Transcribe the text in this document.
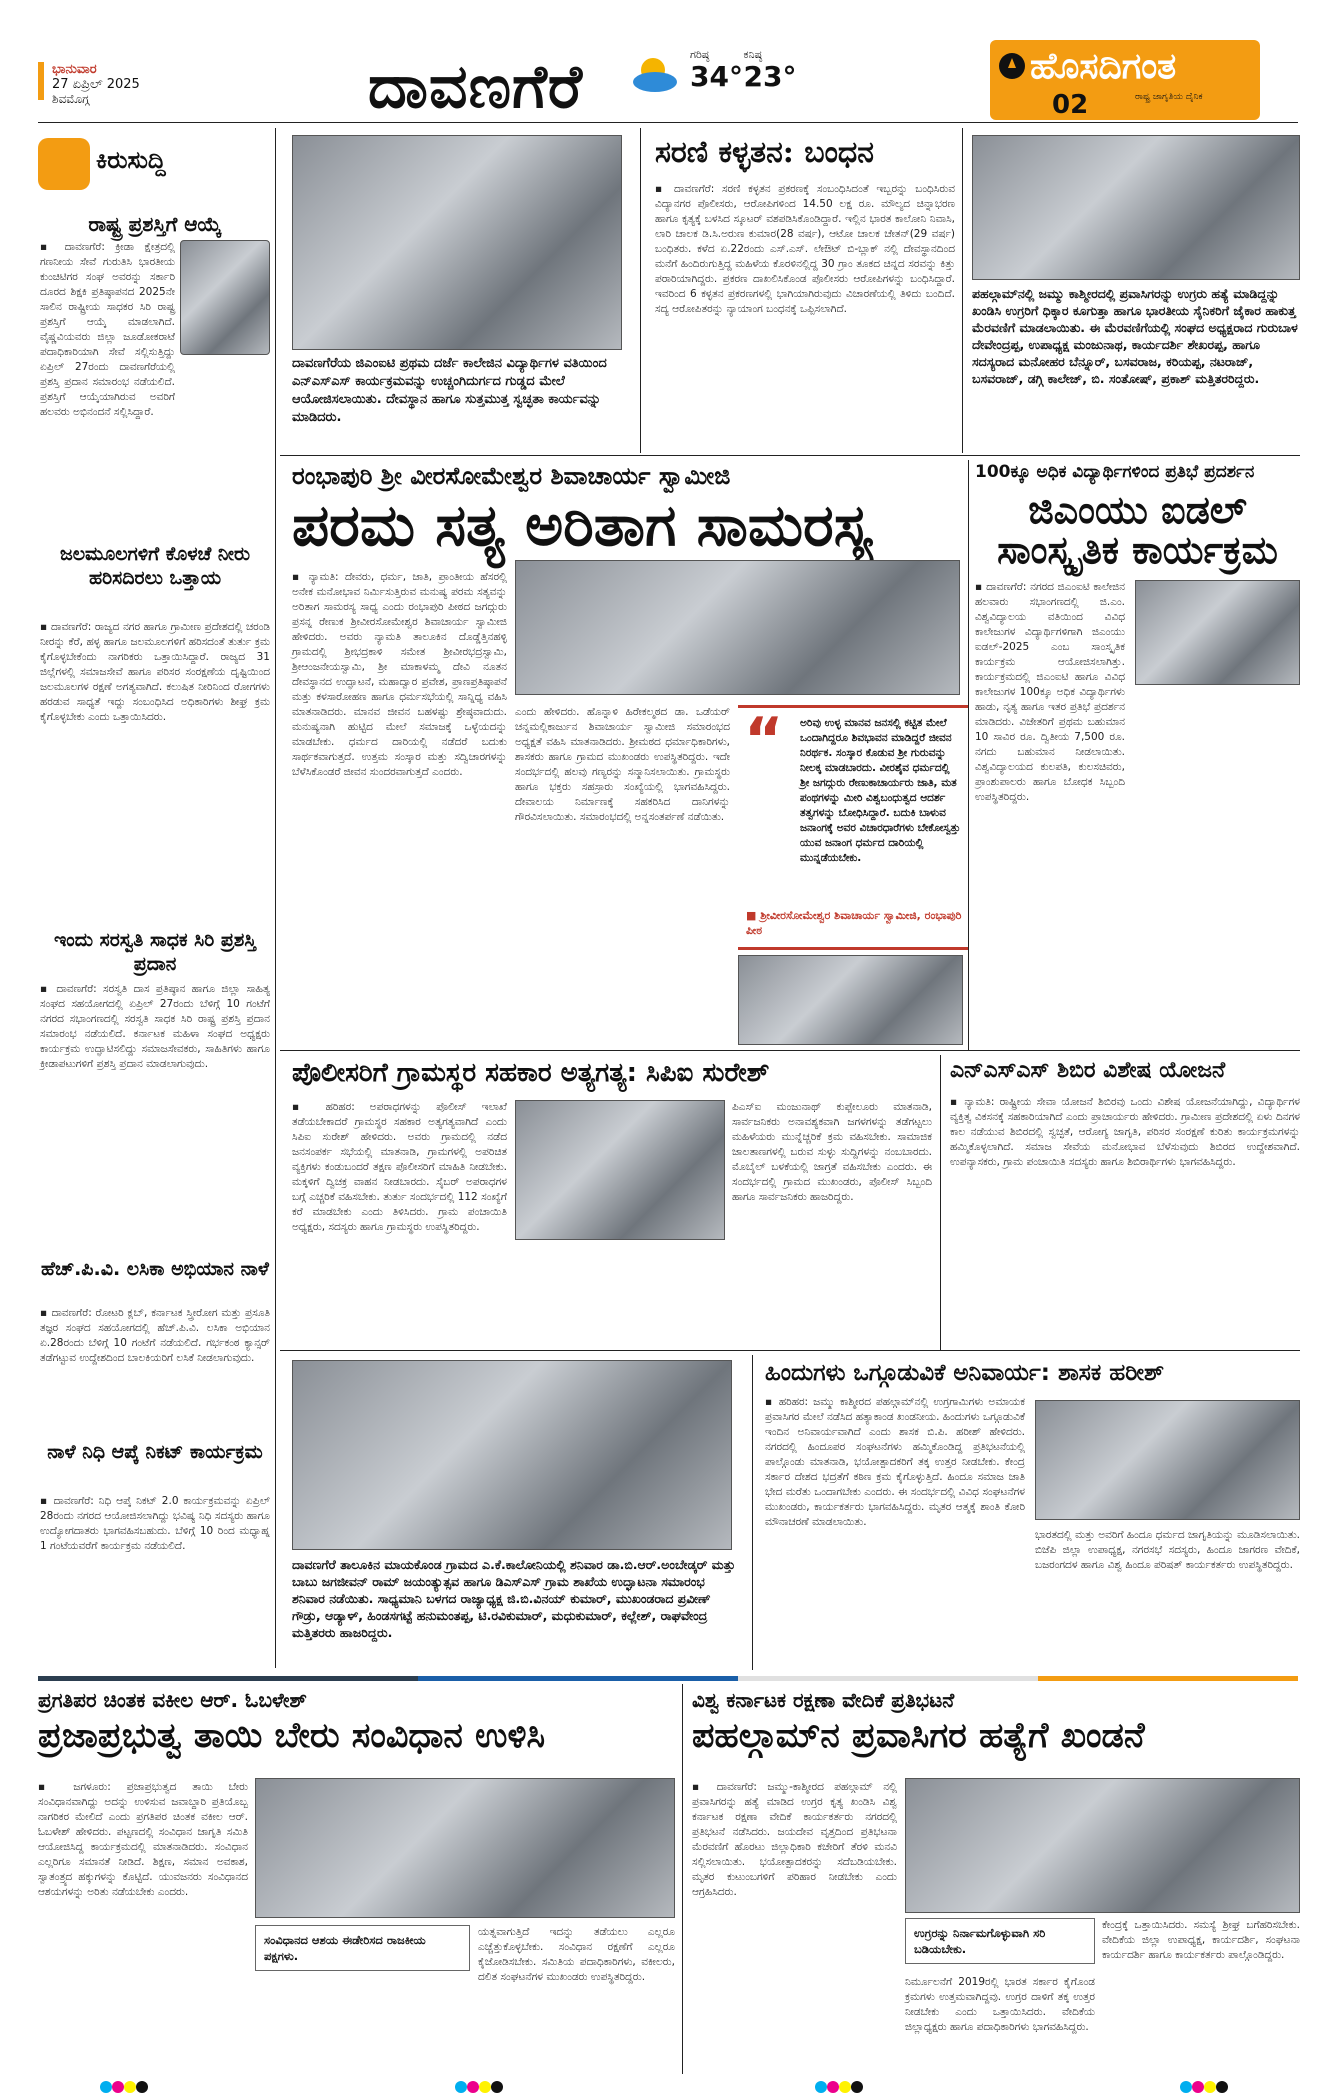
ಭಾನುವಾರ
27 ಏಪ್ರಿಲ್ 2025
ಶಿವಮೊಗ್ಗ	ದಾವಣಗೆರೆ	ಗರಿಷ್ಠ
34°
ಕನಿಷ್ಠ
23°	ಹೊಸದಿಗಂತ
02	ರಾಷ್ಟ್ರ ಜಾಗೃತಿಯ ದೈನಿಕ
ಕಿರುಸುದ್ದಿ
ರಾಷ್ಟ್ರ ಪ್ರಶಸ್ತಿಗೆ ಆಯ್ಕೆ
▪ ದಾವಣಗೆರೆ: ಕ್ರೀಡಾ ಕ್ಷೇತ್ರದಲ್ಲಿ ಗಣನೀಯ ಸೇವೆ ಗುರುತಿಸಿ ಭಾರತೀಯ ಕುಂಚಿಟಿಗರ ಸಂಘ ಅವರನ್ನು ಸರ್ಕಾರಿ ದೂರದ ಶಿಕ್ಷಕಿ ಪ್ರತಿಷ್ಠಾಪನದ 2025ನೇ ಸಾಲಿನ ರಾಷ್ಟ್ರೀಯ ಸಾಧಕರ ಸಿರಿ ರಾಷ್ಟ್ರ ಪ್ರಶಸ್ತಿಗೆ ಆಯ್ಕೆ ಮಾಡಲಾಗಿದೆ. ವೈಷ್ಣವಿಯವರು ಜಿಲ್ಲಾ ಜೂಡೋಕರಾಟೆ ಪದಾಧಿಕಾರಿಯಾಗಿ ಸೇವೆ ಸಲ್ಲಿಸುತ್ತಿದ್ದು ಏಪ್ರಿಲ್ 27ರಂದು ದಾವಣಗೆರೆಯಲ್ಲಿ ಪ್ರಶಸ್ತಿ ಪ್ರದಾನ ಸಮಾರಂಭ ನಡೆಯಲಿದೆ. ಪ್ರಶಸ್ತಿಗೆ ಆಯ್ಕೆಯಾಗಿರುವ ಅವರಿಗೆ ಹಲವರು ಅಭಿನಂದನೆ ಸಲ್ಲಿಸಿದ್ದಾರೆ.
ಜಲಮೂಲಗಳಿಗೆ ಕೊಳಚೆ ನೀರು ಹರಿಸದಿರಲು ಒತ್ತಾಯ
▪ ದಾವಣಗೆರೆ: ರಾಜ್ಯದ ನಗರ ಹಾಗೂ ಗ್ರಾಮೀಣ ಪ್ರದೇಶದಲ್ಲಿ ಚರಂಡಿ ನೀರನ್ನು ಕೆರೆ, ಹಳ್ಳ ಹಾಗೂ ಜಲಮೂಲಗಳಿಗೆ ಹರಿಸದಂತೆ ತುರ್ತು ಕ್ರಮ ಕೈಗೊಳ್ಳಬೇಕೆಂದು ನಾಗರಿಕರು ಒತ್ತಾಯಿಸಿದ್ದಾರೆ. ರಾಜ್ಯದ 31 ಜಿಲ್ಲೆಗಳಲ್ಲಿ ಸಮಾಜಸೇವೆ ಹಾಗೂ ಪರಿಸರ ಸಂರಕ್ಷಣೆಯ ದೃಷ್ಟಿಯಿಂದ ಜಲಮೂಲಗಳ ರಕ್ಷಣೆ ಅಗತ್ಯವಾಗಿದೆ. ಕಲುಷಿತ ನೀರಿನಿಂದ ರೋಗಗಳು ಹರಡುವ ಸಾಧ್ಯತೆ ಇದ್ದು ಸಂಬಂಧಿಸಿದ ಅಧಿಕಾರಿಗಳು ಶೀಘ್ರ ಕ್ರಮ ಕೈಗೊಳ್ಳಬೇಕು ಎಂದು ಒತ್ತಾಯಿಸಿದರು.
ಇಂದು ಸರಸ್ವತಿ ಸಾಧಕ ಸಿರಿ ಪ್ರಶಸ್ತಿ ಪ್ರದಾನ
▪ ದಾವಣಗೆರೆ: ಸರಸ್ವತಿ ದಾಸ ಪ್ರತಿಷ್ಠಾನ ಹಾಗೂ ಜಿಲ್ಲಾ ಸಾಹಿತ್ಯ ಸಂಘದ ಸಹಯೋಗದಲ್ಲಿ ಏಪ್ರಿಲ್ 27ರಂದು ಬೆಳಿಗ್ಗೆ 10 ಗಂಟೆಗೆ ನಗರದ ಸಭಾಂಗಣದಲ್ಲಿ ಸರಸ್ವತಿ ಸಾಧಕ ಸಿರಿ ರಾಷ್ಟ್ರ ಪ್ರಶಸ್ತಿ ಪ್ರದಾನ ಸಮಾರಂಭ ನಡೆಯಲಿದೆ. ಕರ್ನಾಟಕ ಮಹಿಳಾ ಸಂಘದ ಅಧ್ಯಕ್ಷರು ಕಾರ್ಯಕ್ರಮ ಉದ್ಘಾಟಿಸಲಿದ್ದು ಸಮಾಜಸೇವಕರು, ಸಾಹಿತಿಗಳು ಹಾಗೂ ಕ್ರೀಡಾಪಟುಗಳಿಗೆ ಪ್ರಶಸ್ತಿ ಪ್ರದಾನ ಮಾಡಲಾಗುವುದು.
ಹೆಚ್.ಪಿ.ವಿ. ಲಸಿಕಾ ಅಭಿಯಾನ ನಾಳೆ
▪ ದಾವಣಗೆರೆ: ರೋಟರಿ ಕ್ಲಬ್, ಕರ್ನಾಟಕ ಸ್ತ್ರೀರೋಗ ಮತ್ತು ಪ್ರಸೂತಿ ತಜ್ಞರ ಸಂಘದ ಸಹಯೋಗದಲ್ಲಿ ಹೆಚ್.ಪಿ.ವಿ. ಲಸಿಕಾ ಅಭಿಯಾನ ಏ.28ರಂದು ಬೆಳಿಗ್ಗೆ 10 ಗಂಟೆಗೆ ನಡೆಯಲಿದೆ. ಗರ್ಭಕಂಠ ಕ್ಯಾನ್ಸರ್ ತಡೆಗಟ್ಟುವ ಉದ್ದೇಶದಿಂದ ಬಾಲಕಿಯರಿಗೆ ಲಸಿಕೆ ನೀಡಲಾಗುವುದು.
ನಾಳೆ ನಿಧಿ ಆಪ್ಕೆ ನಿಕಟ್ ಕಾರ್ಯಕ್ರಮ
▪ ದಾವಣಗೆರೆ: ನಿಧಿ ಆಪ್ಕೆ ನಿಕಟ್ 2.0 ಕಾರ್ಯಕ್ರಮವನ್ನು ಏಪ್ರಿಲ್ 28ರಂದು ನಗರದ ಆಯೋಜಿಸಲಾಗಿದ್ದು ಭವಿಷ್ಯ ನಿಧಿ ಸದಸ್ಯರು ಹಾಗೂ ಉದ್ಯೋಗದಾತರು ಭಾಗವಹಿಸಬಹುದು. ಬೆಳಿಗ್ಗೆ 10 ರಿಂದ ಮಧ್ಯಾಹ್ನ 1 ಗಂಟೆಯವರೆಗೆ ಕಾರ್ಯಕ್ರಮ ನಡೆಯಲಿದೆ.
ದಾವಣಗೆರೆಯ ಜಿಎಂಐಟಿ ಪ್ರಥಮ ದರ್ಜೆ ಕಾಲೇಜಿನ ವಿದ್ಯಾರ್ಥಿಗಳ ವತಿಯಿಂದ ಎನ್‌ಎಸ್‌ಎಸ್ ಕಾರ್ಯಕ್ರಮವನ್ನು ಉಚ್ಚಂಗಿದುರ್ಗದ ಗುಡ್ಡದ ಮೇಲೆ ಆಯೋಜಿಸಲಾಯಿತು. ದೇವಸ್ಥಾನ ಹಾಗೂ ಸುತ್ತಮುತ್ತ ಸ್ವಚ್ಛತಾ ಕಾರ್ಯವನ್ನು ಮಾಡಿದರು.
ಸರಣಿ ಕಳ್ಳತನ: ಬಂಧನ
▪ ದಾವಣಗೆರೆ: ಸರಣಿ ಕಳ್ಳತನ ಪ್ರಕರಣಕ್ಕೆ ಸಂಬಂಧಿಸಿದಂತೆ ಇಬ್ಬರನ್ನು ಬಂಧಿಸಿರುವ ವಿದ್ಯಾನಗರ ಪೊಲೀಸರು, ಆರೋಪಿಗಳಿಂದ 14.50 ಲಕ್ಷ ರೂ. ಮೌಲ್ಯದ ಚಿನ್ನಾಭರಣ ಹಾಗೂ ಕೃತ್ಯಕ್ಕೆ ಬಳಸಿದ ಸ್ಕೂಟರ್ ವಶಪಡಿಸಿಕೊಂಡಿದ್ದಾರೆ. ಇಲ್ಲಿನ ಭಾರತ ಕಾಲೋನಿ ನಿವಾಸಿ, ಲಾರಿ ಚಾಲಕ ಡಿ.ಸಿ.ಅರುಣ ಕುಮಾರ(28 ವರ್ಷ), ಆಟೋ ಚಾಲಕ ಚೇತನ್(29 ವರ್ಷ) ಬಂಧಿತರು. ಕಳೆದ ಏ.22ರಂದು ಎಸ್.ಎಸ್. ಲೇಔಟ್ ಬಿ-ಬ್ಲಾಕ್ ನಲ್ಲಿ ದೇವಸ್ಥಾನದಿಂದ ಮನೆಗೆ ಹಿಂದಿರುಗುತ್ತಿದ್ದ ಮಹಿಳೆಯ ಕೊರಳಿನಲ್ಲಿದ್ದ 30 ಗ್ರಾಂ ತೂಕದ ಚಿನ್ನದ ಸರವನ್ನು ಕಿತ್ತು ಪರಾರಿಯಾಗಿದ್ದರು. ಪ್ರಕರಣ ದಾಖಲಿಸಿಕೊಂಡ ಪೊಲೀಸರು ಆರೋಪಿಗಳನ್ನು ಬಂಧಿಸಿದ್ದಾರೆ. ಇವರಿಂದ 6 ಕಳ್ಳತನ ಪ್ರಕರಣಗಳಲ್ಲಿ ಭಾಗಿಯಾಗಿರುವುದು ವಿಚಾರಣೆಯಲ್ಲಿ ತಿಳಿದು ಬಂದಿದೆ. ಸದ್ಯ ಆರೋಪಿತರನ್ನು ನ್ಯಾಯಾಂಗ ಬಂಧನಕ್ಕೆ ಒಪ್ಪಿಸಲಾಗಿದೆ.
ಪಹಲ್ಗಾಮ್‌ನಲ್ಲಿ ಜಮ್ಮು ಕಾಶ್ಮೀರದಲ್ಲಿ ಪ್ರವಾಸಿಗರನ್ನು ಉಗ್ರರು ಹತ್ಯೆ ಮಾಡಿದ್ದನ್ನು ಖಂಡಿಸಿ ಉಗ್ರರಿಗೆ ಧಿಕ್ಕಾರ ಕೂಗುತ್ತಾ ಹಾಗೂ ಭಾರತೀಯ ಸೈನಿಕರಿಗೆ ಜೈಕಾರ ಹಾಕುತ್ತ ಮೆರವಣಿಗೆ ಮಾಡಲಾಯಿತು. ಈ ಮೆರವಣಿಗೆಯಲ್ಲಿ ಸಂಘದ ಅಧ್ಯಕ್ಷರಾದ ಗುರುಬಾಳ ದೇವೇಂದ್ರಪ್ಪ, ಉಪಾಧ್ಯಕ್ಷ ಮಂಜುನಾಥ, ಕಾರ್ಯದರ್ಶಿ ಶೇಖರಪ್ಪ, ಹಾಗೂ ಸದಸ್ಯರಾದ ಮನೋಹರ ಬೆನ್ನೂರ್, ಬಸವರಾಜ, ಕರಿಯಪ್ಪ, ನಟರಾಜ್, ಬಸವರಾಜ್, ಡಗ್ಗಿ ಕಾಲೇಜ್, ಬಿ. ಸಂತೋಷ್, ಪ್ರಕಾಶ್ ಮತ್ತಿತರರಿದ್ದರು.
ರಂಭಾಪುರಿ ಶ್ರೀ ವೀರಸೋಮೇಶ್ವರ ಶಿವಾಚಾರ್ಯ ಸ್ವಾಮೀಜಿ
ಪರಮ ಸತ್ಯ ಅರಿತಾಗ ಸಾಮರಸ್ಯ
▪ ನ್ಯಾಮತಿ: ದೇವರು, ಧರ್ಮ, ಜಾತಿ, ಪ್ರಾಂತೀಯ ಹೆಸರಲ್ಲಿ ಅನೇಕ ಮನೋಭಾವ ನಿರ್ಮಿಸುತ್ತಿರುವ ಮನುಷ್ಯ ಪರಮ ಸತ್ಯವನ್ನು ಅರಿತಾಗ ಸಾಮರಸ್ಯ ಸಾಧ್ಯ ಎಂದು ರಂಭಾಪುರಿ ಪೀಠದ ಜಗದ್ಗುರು ಪ್ರಸನ್ನ ರೇಣುಕ ಶ್ರೀವೀರಸೋಮೇಶ್ವರ ಶಿವಾಚಾರ್ಯ ಸ್ವಾಮೀಜಿ ಹೇಳಿದರು. ಅವರು ನ್ಯಾಮತಿ ತಾಲೂಕಿನ ದೊಡ್ಡೆತ್ತಿನಹಳ್ಳಿ ಗ್ರಾಮದಲ್ಲಿ ಶ್ರೀಭದ್ರಕಾಳಿ ಸಮೇತ ಶ್ರೀವೀರಭದ್ರಸ್ವಾಮಿ, ಶ್ರೀಆಂಜನೇಯಸ್ವಾಮಿ, ಶ್ರೀ ಮಾಕಾಳಮ್ಮ ದೇವಿ ನೂತನ ದೇವಸ್ಥಾನದ ಉದ್ಘಾಟನೆ, ಮಹಾದ್ವಾರ ಪ್ರವೇಶ, ಪ್ರಾಣಪ್ರತಿಷ್ಠಾಪನೆ ಮತ್ತು ಕಳಸಾರೋಹಣ ಹಾಗೂ ಧರ್ಮಸಭೆಯಲ್ಲಿ ಸಾನ್ನಿಧ್ಯ ವಹಿಸಿ ಮಾತನಾಡಿದರು. ಮಾನವ ಜೀವನ ಬಹಳಷ್ಟು ಶ್ರೇಷ್ಠವಾದುದು. ಮನುಷ್ಯನಾಗಿ ಹುಟ್ಟಿದ ಮೇಲೆ ಸಮಾಜಕ್ಕೆ ಒಳ್ಳೆಯದನ್ನು ಮಾಡಬೇಕು. ಧರ್ಮದ ದಾರಿಯಲ್ಲಿ ನಡೆದರೆ ಬದುಕು ಸಾರ್ಥಕವಾಗುತ್ತದೆ. ಉತ್ತಮ ಸಂಸ್ಕಾರ ಮತ್ತು ಸದ್ವಿಚಾರಗಳನ್ನು ಬೆಳೆಸಿಕೊಂಡರೆ ಜೀವನ ಸುಂದರವಾಗುತ್ತದೆ ಎಂದರು.
ಎಂದು ಹೇಳಿದರು. ಹೊನ್ನಾಳಿ ಹಿರೇಕಲ್ಮಠದ ಡಾ. ಒಡೆಯರ್ ಚನ್ನಮಲ್ಲಿಕಾರ್ಜುನ ಶಿವಾಚಾರ್ಯ ಸ್ವಾಮೀಜಿ ಸಮಾರಂಭದ ಅಧ್ಯಕ್ಷತೆ ವಹಿಸಿ ಮಾತನಾಡಿದರು. ಶ್ರೀಮಠದ ಧರ್ಮಾಧಿಕಾರಿಗಳು, ಶಾಸಕರು ಹಾಗೂ ಗ್ರಾಮದ ಮುಖಂಡರು ಉಪಸ್ಥಿತರಿದ್ದರು. ಇದೇ ಸಂದರ್ಭದಲ್ಲಿ ಹಲವು ಗಣ್ಯರನ್ನು ಸನ್ಮಾನಿಸಲಾಯಿತು. ಗ್ರಾಮಸ್ಥರು ಹಾಗೂ ಭಕ್ತರು ಸಹಸ್ರಾರು ಸಂಖ್ಯೆಯಲ್ಲಿ ಭಾಗವಹಿಸಿದ್ದರು. ದೇವಾಲಯ ನಿರ್ಮಾಣಕ್ಕೆ ಸಹಕರಿಸಿದ ದಾನಿಗಳನ್ನು ಗೌರವಿಸಲಾಯಿತು. ಸಮಾರಂಭದಲ್ಲಿ ಅನ್ನಸಂತರ್ಪಣೆ ನಡೆಯಿತು.
“ ಅರಿವು ಉಳ್ಳ ಮಾನವ ಜನಸಲ್ಲಿ ಕಟ್ಟಿತ ಮೇಲೆ ಒಂದಾಗಿದ್ದರೂ ಶಿವಭಾವನ ಮಾಡಿದ್ದರೆ ಜೀವನ ನಿರರ್ಥಕ. ಸಂಸ್ಕಾರ ಕೊಡುವ ಶ್ರೀ ಗುರುವನ್ನು ನೀಲಕ್ಕ ಮಾಡಬಾರದು. ವೀರಶೈವ ಧರ್ಮದಲ್ಲಿ ಶ್ರೀ ಜಗದ್ಗುರು ರೇಣುಕಾಚಾರ್ಯರು ಜಾತಿ, ಮತ ಪಂಥಗಳನ್ನು ಮೀರಿ ವಿಶ್ವಬಂಧುತ್ವದ ಆದರ್ಶ ತತ್ವಗಳನ್ನು ಬೋಧಿಸಿದ್ದಾರೆ. ಬದುಕಿ ಬಾಳುವ ಜನಾಂಗಕ್ಕೆ ಅವರ ವಿಚಾರಧಾರೆಗಳು ಬೇಕೋಸ್ವತ್ತು ಯುವ ಜನಾಂಗ ಧರ್ಮದ ದಾರಿಯಲ್ಲಿ ಮುನ್ನಡೆಯಬೇಕು.
■ ಶ್ರೀವೀರಸೋಮೇಶ್ವರ ಶಿವಾಚಾರ್ಯ ಸ್ವಾಮೀಜಿ, ರಂಭಾಪುರಿ ಪೀಠ
100ಕ್ಕೂ ಅಧಿಕ ವಿದ್ಯಾರ್ಥಿಗಳಿಂದ ಪ್ರತಿಭೆ ಪ್ರದರ್ಶನ
ಜಿಎಂಯು ಐಡಲ್ ಸಾಂಸ್ಕೃತಿಕ ಕಾರ್ಯಕ್ರಮ
▪ ದಾವಣಗೆರೆ: ನಗರದ ಜಿಎಂಐಟಿ ಕಾಲೇಜಿನ ಹಲವಾರು ಸಭಾಂಗಣದಲ್ಲಿ ಜಿ.ಎಂ. ವಿಶ್ವವಿದ್ಯಾಲಯ ವತಿಯಿಂದ ವಿವಿಧ ಕಾಲೇಜುಗಳ ವಿದ್ಯಾರ್ಥಿಗಳಿಗಾಗಿ ಜಿಎಂಯು ಐಡಲ್-2025 ಎಂಬ ಸಾಂಸ್ಕೃತಿಕ ಕಾರ್ಯಕ್ರಮ ಆಯೋಜಿಸಲಾಗಿತ್ತು. ಕಾರ್ಯಕ್ರಮದಲ್ಲಿ ಜಿಎಂಐಟಿ ಹಾಗೂ ವಿವಿಧ ಕಾಲೇಜುಗಳ 100ಕ್ಕೂ ಅಧಿಕ ವಿದ್ಯಾರ್ಥಿಗಳು ಹಾಡು, ನೃತ್ಯ ಹಾಗೂ ಇತರ ಪ್ರತಿಭೆ ಪ್ರದರ್ಶನ ಮಾಡಿದರು. ವಿಜೇತರಿಗೆ ಪ್ರಥಮ ಬಹುಮಾನ 10 ಸಾವಿರ ರೂ. ದ್ವಿತೀಯ 7,500 ರೂ. ನಗದು ಬಹುಮಾನ ನೀಡಲಾಯಿತು. ವಿಶ್ವವಿದ್ಯಾಲಯದ ಕುಲಪತಿ, ಕುಲಸಚಿವರು, ಪ್ರಾಂಶುಪಾಲರು ಹಾಗೂ ಬೋಧಕ ಸಿಬ್ಬಂದಿ ಉಪಸ್ಥಿತರಿದ್ದರು.
ಪೊಲೀಸರಿಗೆ ಗ್ರಾಮಸ್ಥರ ಸಹಕಾರ ಅತ್ಯಗತ್ಯ: ಸಿಪಿಐ ಸುರೇಶ್
▪ ಹರಿಹರ: ಅಪರಾಧಗಳನ್ನು ಪೊಲೀಸ್ ಇಲಾಖೆ ತಡೆಯಬೇಕಾದರೆ ಗ್ರಾಮಸ್ಥರ ಸಹಕಾರ ಅತ್ಯಗತ್ಯವಾಗಿದೆ ಎಂದು ಸಿಪಿಐ ಸುರೇಶ್ ಹೇಳಿದರು. ಅವರು ಗ್ರಾಮದಲ್ಲಿ ನಡೆದ ಜನಸಂಪರ್ಕ ಸಭೆಯಲ್ಲಿ ಮಾತನಾಡಿ, ಗ್ರಾಮಗಳಲ್ಲಿ ಅಪರಿಚಿತ ವ್ಯಕ್ತಿಗಳು ಕಂಡುಬಂದರೆ ತಕ್ಷಣ ಪೊಲೀಸರಿಗೆ ಮಾಹಿತಿ ನೀಡಬೇಕು. ಮಕ್ಕಳಿಗೆ ದ್ವಿಚಕ್ರ ವಾಹನ ನೀಡಬಾರದು. ಸೈಬರ್ ಅಪರಾಧಗಳ ಬಗ್ಗೆ ಎಚ್ಚರಿಕೆ ವಹಿಸಬೇಕು. ತುರ್ತು ಸಂದರ್ಭದಲ್ಲಿ 112 ಸಂಖ್ಯೆಗೆ ಕರೆ ಮಾಡಬೇಕು ಎಂದು ತಿಳಿಸಿದರು. ಗ್ರಾಮ ಪಂಚಾಯಿತಿ ಅಧ್ಯಕ್ಷರು, ಸದಸ್ಯರು ಹಾಗೂ ಗ್ರಾಮಸ್ಥರು ಉಪಸ್ಥಿತರಿದ್ದರು.
ಪಿಎಸ್‌ಐ ಮಂಜುನಾಥ್ ಕುಪ್ಪೇಲೂರು ಮಾತನಾಡಿ, ಸಾರ್ವಜನಿಕರು ಅನಾವಶ್ಯಕವಾಗಿ ಜಗಳಗಳನ್ನು ತಡೆಗಟ್ಟಲು ಮಹಿಳೆಯರು ಮುನ್ನೆಚ್ಚರಿಕೆ ಕ್ರಮ ವಹಿಸಬೇಕು. ಸಾಮಾಜಿಕ ಜಾಲತಾಣಗಳಲ್ಲಿ ಬರುವ ಸುಳ್ಳು ಸುದ್ದಿಗಳನ್ನು ನಂಬಬಾರದು. ಮೊಬೈಲ್ ಬಳಕೆಯಲ್ಲಿ ಜಾಗ್ರತೆ ವಹಿಸಬೇಕು ಎಂದರು. ಈ ಸಂದರ್ಭದಲ್ಲಿ ಗ್ರಾಮದ ಮುಖಂಡರು, ಪೊಲೀಸ್ ಸಿಬ್ಬಂದಿ ಹಾಗೂ ಸಾರ್ವಜನಿಕರು ಹಾಜರಿದ್ದರು.
ಎನ್‌ಎಸ್‌ಎಸ್ ಶಿಬಿರ ವಿಶೇಷ ಯೋಜನೆ
▪ ನ್ಯಾಮತಿ: ರಾಷ್ಟ್ರೀಯ ಸೇವಾ ಯೋಜನೆ ಶಿಬಿರವು ಒಂದು ವಿಶೇಷ ಯೋಜನೆಯಾಗಿದ್ದು, ವಿದ್ಯಾರ್ಥಿಗಳ ವ್ಯಕ್ತಿತ್ವ ವಿಕಸನಕ್ಕೆ ಸಹಕಾರಿಯಾಗಿದೆ ಎಂದು ಪ್ರಾಚಾರ್ಯರು ಹೇಳಿದರು. ಗ್ರಾಮೀಣ ಪ್ರದೇಶದಲ್ಲಿ ಏಳು ದಿನಗಳ ಕಾಲ ನಡೆಯುವ ಶಿಬಿರದಲ್ಲಿ ಸ್ವಚ್ಛತೆ, ಆರೋಗ್ಯ ಜಾಗೃತಿ, ಪರಿಸರ ಸಂರಕ್ಷಣೆ ಕುರಿತು ಕಾರ್ಯಕ್ರಮಗಳನ್ನು ಹಮ್ಮಿಕೊಳ್ಳಲಾಗಿದೆ. ಸಮಾಜ ಸೇವೆಯ ಮನೋಭಾವ ಬೆಳೆಸುವುದು ಶಿಬಿರದ ಉದ್ದೇಶವಾಗಿದೆ. ಉಪನ್ಯಾಸಕರು, ಗ್ರಾಮ ಪಂಚಾಯಿತಿ ಸದಸ್ಯರು ಹಾಗೂ ಶಿಬಿರಾರ್ಥಿಗಳು ಭಾಗವಹಿಸಿದ್ದರು.
ದಾವಣಗೆರೆ ತಾಲೂಕಿನ ಮಾಯಕೊಂಡ ಗ್ರಾಮದ ಎ.ಕೆ.ಕಾಲೋನಿಯಲ್ಲಿ ಶನಿವಾರ ಡಾ.ಬಿ.ಆರ್.ಅಂಬೇಡ್ಕರ್ ಮತ್ತು ಬಾಬು ಜಗಜೀವನ್ ರಾಮ್ ಜಯಂತ್ಯುತ್ಸವ ಹಾಗೂ ಡಿಎಸ್‌ಎಸ್ ಗ್ರಾಮ ಶಾಖೆಯ ಉದ್ಘಾಟನಾ ಸಮಾರಂಭ ಶನಿವಾರ ನಡೆಯಿತು. ಸಾಧ್ಯಮಾನಿ ಬಳಗದ ರಾಜ್ಯಾಧ್ಯಕ್ಷ ಜಿ.ಬಿ.ವಿನಯ್ ಕುಮಾರ್, ಮುಖಂಡರಾದ ಪ್ರವೀಣ್ ಗೌಡ್ರು, ಆಡ್ಯಾಳ್, ಹಿಂಡಸಗಟ್ಟೆ ಹನುಮಂತಪ್ಪ, ಟಿ.ರವಿಕುಮಾರ್, ಮಧುಕುಮಾರ್, ಕಲ್ಲೇಶ್, ರಾಘವೇಂದ್ರ ಮತ್ತಿತರರು ಹಾಜರಿದ್ದರು.
ಹಿಂದುಗಳು ಒಗ್ಗೂಡುವಿಕೆ ಅನಿವಾರ್ಯ: ಶಾಸಕ ಹರೀಶ್
▪ ಹರಿಹರ: ಜಮ್ಮು ಕಾಶ್ಮೀರದ ಪಹಲ್ಗಾಮ್‌ನಲ್ಲಿ ಉಗ್ರಗಾಮಿಗಳು ಅಮಾಯಕ ಪ್ರವಾಸಿಗರ ಮೇಲೆ ನಡೆಸಿದ ಹತ್ಯಾಕಾಂಡ ಖಂಡನೀಯ. ಹಿಂದುಗಳು ಒಗ್ಗೂಡುವಿಕೆ ಇಂದಿನ ಅನಿವಾರ್ಯವಾಗಿದೆ ಎಂದು ಶಾಸಕ ಬಿ.ಪಿ. ಹರೀಶ್ ಹೇಳಿದರು. ನಗರದಲ್ಲಿ ಹಿಂದೂಪರ ಸಂಘಟನೆಗಳು ಹಮ್ಮಿಕೊಂಡಿದ್ದ ಪ್ರತಿಭಟನೆಯಲ್ಲಿ ಪಾಲ್ಗೊಂಡು ಮಾತನಾಡಿ, ಭಯೋತ್ಪಾದಕರಿಗೆ ತಕ್ಕ ಉತ್ತರ ನೀಡಬೇಕು. ಕೇಂದ್ರ ಸರ್ಕಾರ ದೇಶದ ಭದ್ರತೆಗೆ ಕಠಿಣ ಕ್ರಮ ಕೈಗೊಳ್ಳುತ್ತಿದೆ. ಹಿಂದೂ ಸಮಾಜ ಜಾತಿ ಭೇದ ಮರೆತು ಒಂದಾಗಬೇಕು ಎಂದರು. ಈ ಸಂದರ್ಭದಲ್ಲಿ ವಿವಿಧ ಸಂಘಟನೆಗಳ ಮುಖಂಡರು, ಕಾರ್ಯಕರ್ತರು ಭಾಗವಹಿಸಿದ್ದರು. ಮೃತರ ಆತ್ಮಕ್ಕೆ ಶಾಂತಿ ಕೋರಿ ಮೌನಾಚರಣೆ ಮಾಡಲಾಯಿತು.
ಭಾರತದಲ್ಲಿ ಮತ್ತು ಅವರಿಗೆ ಹಿಂದೂ ಧರ್ಮದ ಜಾಗೃತಿಯನ್ನು ಮೂಡಿಸಲಾಯಿತು. ಬಿಜೆಪಿ ಜಿಲ್ಲಾ ಉಪಾಧ್ಯಕ್ಷ, ನಗರಸಭೆ ಸದಸ್ಯರು, ಹಿಂದೂ ಜಾಗರಣ ವೇದಿಕೆ, ಬಜರಂಗದಳ ಹಾಗೂ ವಿಶ್ವ ಹಿಂದೂ ಪರಿಷತ್ ಕಾರ್ಯಕರ್ತರು ಉಪಸ್ಥಿತರಿದ್ದರು.
ಪ್ರಗತಿಪರ ಚಿಂತಕ ವಕೀಲ ಆರ್. ಓಬಳೇಶ್
ಪ್ರಜಾಪ್ರಭುತ್ವ ತಾಯಿ ಬೇರು ಸಂವಿಧಾನ ಉಳಿಸಿ
▪ ಜಗಳೂರು: ಪ್ರಜಾಪ್ರಭುತ್ವದ ತಾಯಿ ಬೇರು ಸಂವಿಧಾನವಾಗಿದ್ದು ಅದನ್ನು ಉಳಿಸುವ ಜವಾಬ್ದಾರಿ ಪ್ರತಿಯೊಬ್ಬ ನಾಗರಿಕರ ಮೇಲಿದೆ ಎಂದು ಪ್ರಗತಿಪರ ಚಿಂತಕ ವಕೀಲ ಆರ್. ಓಬಳೇಶ್ ಹೇಳಿದರು. ಪಟ್ಟಣದಲ್ಲಿ ಸಂವಿಧಾನ ಜಾಗೃತಿ ಸಮಿತಿ ಆಯೋಜಿಸಿದ್ದ ಕಾರ್ಯಕ್ರಮದಲ್ಲಿ ಮಾತನಾಡಿದರು. ಸಂವಿಧಾನ ಎಲ್ಲರಿಗೂ ಸಮಾನತೆ ನೀಡಿದೆ. ಶಿಕ್ಷಣ, ಸಮಾನ ಅವಕಾಶ, ಸ್ವಾತಂತ್ರ್ಯದ ಹಕ್ಕುಗಳನ್ನು ಕೊಟ್ಟಿದೆ. ಯುವಜನರು ಸಂವಿಧಾನದ ಆಶಯಗಳನ್ನು ಅರಿತು ನಡೆಯಬೇಕು ಎಂದರು.
ಸಂವಿಧಾನದ ಆಶಯ ಈಡೇರಿಸದ ರಾಜಕೀಯ ಪಕ್ಷಗಳು.
ಯತ್ನವಾಗುತ್ತಿದೆ ಇದನ್ನು ತಡೆಯಲು ಎಲ್ಲರೂ ಎಚ್ಚೆತ್ತುಕೊಳ್ಳಬೇಕು. ಸಂವಿಧಾನ ರಕ್ಷಣೆಗೆ ಎಲ್ಲರೂ ಕೈಜೋಡಿಸಬೇಕು. ಸಮಿತಿಯ ಪದಾಧಿಕಾರಿಗಳು, ವಕೀಲರು, ದಲಿತ ಸಂಘಟನೆಗಳ ಮುಖಂಡರು ಉಪಸ್ಥಿತರಿದ್ದರು.
ವಿಶ್ವ ಕರ್ನಾಟಕ ರಕ್ಷಣಾ ವೇದಿಕೆ ಪ್ರತಿಭಟನೆ
ಪಹಲ್ಗಾಮ್‌ನ ಪ್ರವಾಸಿಗರ ಹತ್ಯೆಗೆ ಖಂಡನೆ
▪ ದಾವಣಗೆರೆ: ಜಮ್ಮು-ಕಾಶ್ಮೀರದ ಪಹಲ್ಗಾಮ್ ನಲ್ಲಿ ಪ್ರವಾಸಿಗರನ್ನು ಹತ್ಯೆ ಮಾಡಿದ ಉಗ್ರರ ಕೃತ್ಯ ಖಂಡಿಸಿ ವಿಶ್ವ ಕರ್ನಾಟಕ ರಕ್ಷಣಾ ವೇದಿಕೆ ಕಾರ್ಯಕರ್ತರು ನಗರದಲ್ಲಿ ಪ್ರತಿಭಟನೆ ನಡೆಸಿದರು. ಜಯದೇವ ವೃತ್ತದಿಂದ ಪ್ರತಿಭಟನಾ ಮೆರವಣಿಗೆ ಹೊರಟು ಜಿಲ್ಲಾಧಿಕಾರಿ ಕಚೇರಿಗೆ ತೆರಳಿ ಮನವಿ ಸಲ್ಲಿಸಲಾಯಿತು. ಭಯೋತ್ಪಾದಕರನ್ನು ಸದೆಬಡಿಯಬೇಕು. ಮೃತರ ಕುಟುಂಬಗಳಿಗೆ ಪರಿಹಾರ ನೀಡಬೇಕು ಎಂದು ಆಗ್ರಹಿಸಿದರು.
ಉಗ್ರರನ್ನು ನಿರ್ನಾಮಗೊಳ್ಳುವಾಗಿ ಸರಿ ಬಡಿಯಬೇಕು.
ನಿರ್ಮೂಲನೆಗೆ 2019ರಲ್ಲಿ ಭಾರತ ಸರ್ಕಾರ ಕೈಗೊಂಡ ಕ್ರಮಗಳು ಉತ್ತಮವಾಗಿದ್ದವು. ಉಗ್ರರ ದಾಳಿಗೆ ತಕ್ಕ ಉತ್ತರ ನೀಡಬೇಕು ಎಂದು ಒತ್ತಾಯಿಸಿದರು. ವೇದಿಕೆಯ ಜಿಲ್ಲಾಧ್ಯಕ್ಷರು ಹಾಗೂ ಪದಾಧಿಕಾರಿಗಳು ಭಾಗವಹಿಸಿದ್ದರು.
ಕೇಂದ್ರಕ್ಕೆ ಒತ್ತಾಯಿಸಿದರು. ಸಮಸ್ಯೆ ಶ್ರೀಘ್ರ ಬಗೆಹರಿಸಬೇಕು. ವೇದಿಕೆಯ ಜಿಲ್ಲಾ ಉಪಾಧ್ಯಕ್ಷ, ಕಾರ್ಯದರ್ಶಿ, ಸಂಘಟನಾ ಕಾರ್ಯದರ್ಶಿ ಹಾಗೂ ಕಾರ್ಯಕರ್ತರು ಪಾಲ್ಗೊಂಡಿದ್ದರು.
